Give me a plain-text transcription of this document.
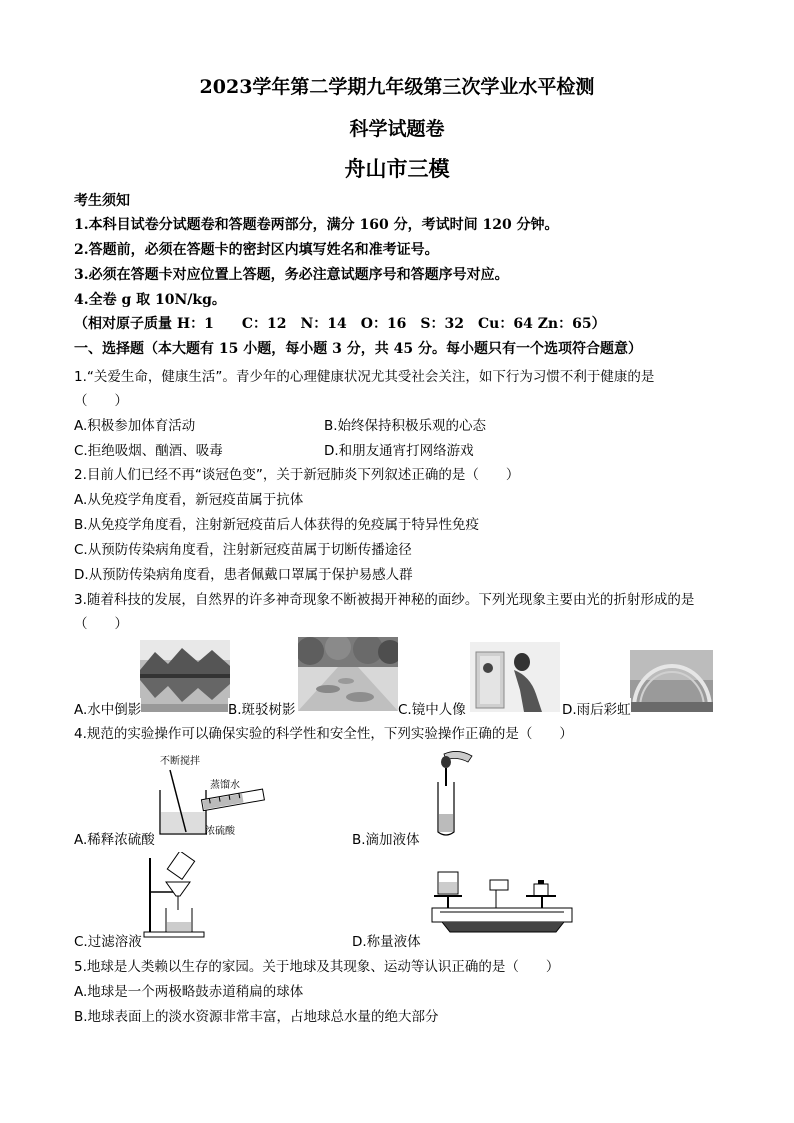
2023学年第二学期九年级第三次学业水平检测
科学试题卷
舟山市三模
考生须知
1.本科目试卷分试题卷和答题卷两部分，满分 160 分，考试时间 120 分钟。
2.答题前，必须在答题卡的密封区内填写姓名和准考证号。
3.必须在答题卡对应位置上答题，务必注意试题序号和答题序号对应。
4.全卷 g 取 10N/kg。
（相对原子质量 H：1　　C：12　N：14　O：16　S：32　Cu：64 Zn：65）
一、选择题（本大题有 15 小题，每小题 3 分，共 45 分。每小题只有一个选项符合题意）
1.“关爱生命，健康生活”。青少年的心理健康状况尤其受社会关注，如下行为习惯不利于健康的是
（　　）
A.积极参加体育活动	B.始终保持积极乐观的心态
C.拒绝吸烟、酗酒、吸毒	D.和朋友通宵打网络游戏
2.目前人们已经不再“谈冠色变”，关于新冠肺炎下列叙述正确的是（　　）
A.从免疫学角度看，新冠疫苗属于抗体
B.从免疫学角度看，注射新冠疫苗后人体获得的免疫属于特异性免疫
C.从预防传染病角度看，注射新冠疫苗属于切断传播途径
D.从预防传染病角度看，患者佩戴口罩属于保护易感人群
3.随着科技的发展，自然界的许多神奇现象不断被揭开神秘的面纱。下列光现象主要由光的折射形成的是
（　　）
A.水中倒影	B.斑驳树影	C.镜中人像	D.雨后彩虹
4.规范的实验操作可以确保实验的科学性和安全性，下列实验操作正确的是（　　）
不断搅拌
蒸馏水
浓硫酸
A.稀释浓硫酸	B.滴加液体
C.过滤溶液	D.称量液体
5.地球是人类赖以生存的家园。关于地球及其现象、运动等认识正确的是（　　）
A.地球是一个两极略鼓赤道稍扁的球体
B.地球表面上的淡水资源非常丰富，占地球总水量的绝大部分
